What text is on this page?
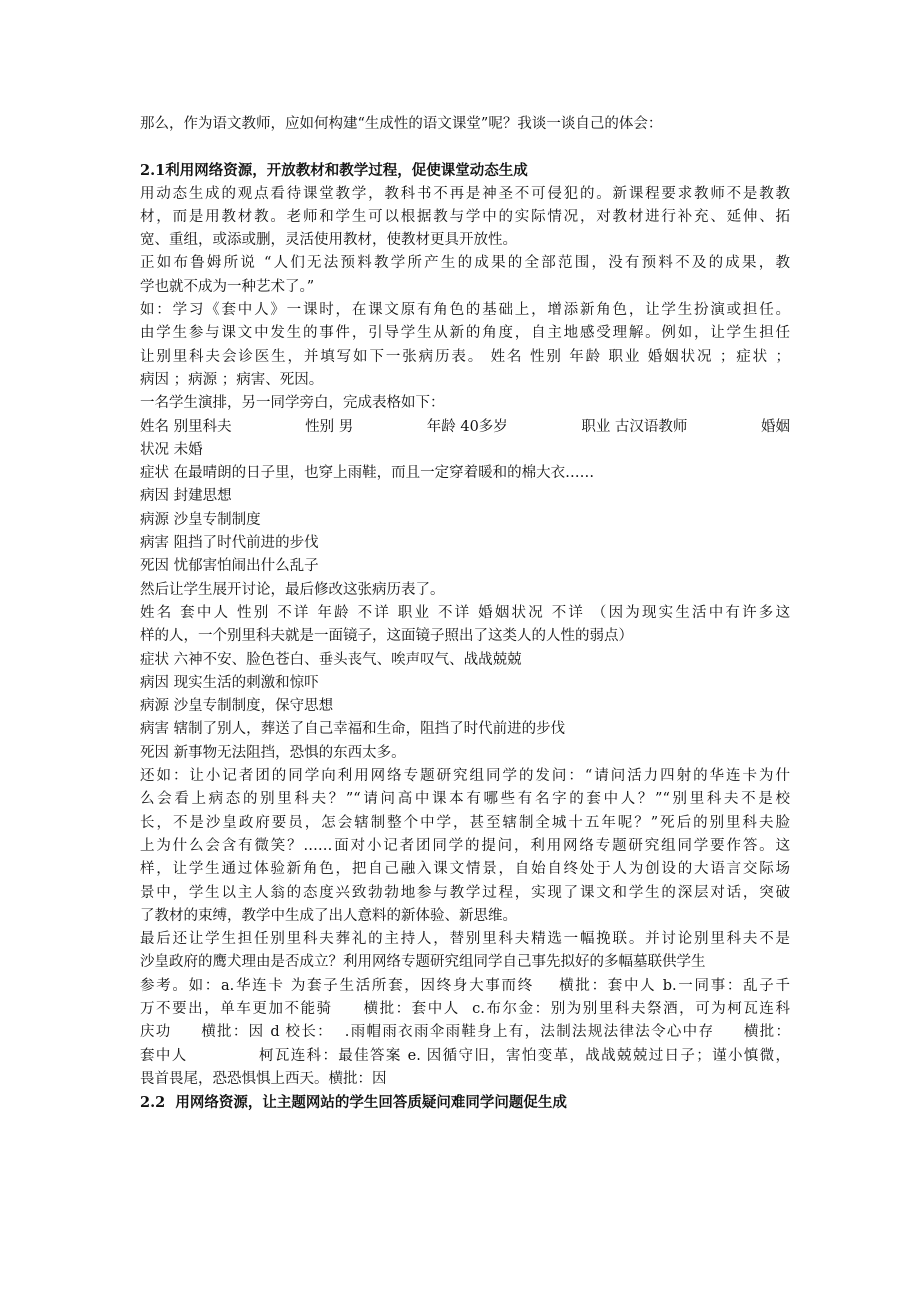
那么，作为语文教师，应如何构建“生成性的语文课堂”呢？我谈一谈自己的体会：
2.1利用网络资源，开放教材和教学过程，促使课堂动态生成
用动态生成的观点看待课堂教学，教科书不再是神圣不可侵犯的。新课程要求教师不是教教
材，而是用教材教。老师和学生可以根据教与学中的实际情况，对教材进行补充、延伸、拓
宽、重组，或添或删，灵活使用教材，使教材更具开放性。
正如布鲁姆所说 “人们无法预料教学所产生的成果的全部范围，没有预料不及的成果，教
学也就不成为一种艺术了。”
如：学习《套中人》一课时，在课文原有角色的基础上，增添新角色，让学生扮演或担任。
由学生参与课文中发生的事件，引导学生从新的角度，自主地感受理解。例如，让学生担任
让别里科夫会诊医生，并填写如下一张病历表。 姓名 性别 年龄 职业 婚姻状况 ；症状 ；
病因 ；病源 ；病害、死因。
一名学生演排，另一同学旁白，完成表格如下：
姓名 别里科夫	性别 男	年龄 40多岁	职业 古汉语教师	婚姻
状况 未婚
症状 在最晴朗的日子里，也穿上雨鞋，而且一定穿着暖和的棉大衣……
病因 封建思想
病源 沙皇专制制度
病害 阻挡了时代前进的步伐
死因 忧郁害怕闹出什么乱子
然后让学生展开讨论，最后修改这张病历表了。
姓名 套中人 性别 不详 年龄 不详 职业 不详 婚姻状况 不详 （因为现实生活中有许多这
样的人，一个别里科夫就是一面镜子，这面镜子照出了这类人的人性的弱点）
症状 六神不安、脸色苍白、垂头丧气、唉声叹气、战战兢兢
病因 现实生活的刺激和惊吓
病源 沙皇专制制度，保守思想
病害 辖制了别人，葬送了自己幸福和生命，阻挡了时代前进的步伐
死因 新事物无法阻挡，恐惧的东西太多。
还如：让小记者团的同学向利用网络专题研究组同学的发问：“请问活力四射的华连卡为什
么会看上病态的别里科夫？”“请问高中课本有哪些有名字的套中人？”“别里科夫不是校
长，不是沙皇政府要员，怎会辖制整个中学，甚至辖制全城十五年呢？”死后的别里科夫脸
上为什么会含有微笑？……面对小记者团同学的提问，利用网络专题研究组同学要作答。这
样，让学生通过体验新角色，把自己融入课文情景，自始自终处于人为创设的大语言交际场
景中，学生以主人翁的态度兴致勃勃地参与教学过程，实现了课文和学生的深层对话，突破
了教材的束缚，教学中生成了出人意料的新体验、新思维。
最后还让学生担任别里科夫葬礼的主持人，替别里科夫精选一幅挽联。并讨论别里科夫不是
沙皇政府的鹰犬理由是否成立？利用网络专题研究组同学自己事先拟好的多幅墓联供学生
参考。如：a.华连卡 为套子生活所套，因终身大事而终    横批：套中人 b.一同事：乱子千
万不要出，单车更加不能骑     横批：套中人  c.布尔金：别为别里科夫祭酒，可为柯瓦连科
庆功     横批：因 d 校长：  .雨帽雨衣雨伞雨鞋身上有，法制法规法律法令心中存     横批：
套中人            柯瓦连科：最佳答案 e. 因循守旧，害怕变革，战战兢兢过日子；谨小慎微，
畏首畏尾，恐恐惧惧上西天。横批：因
2.2  用网络资源，让主题网站的学生回答质疑问难同学问题促生成
